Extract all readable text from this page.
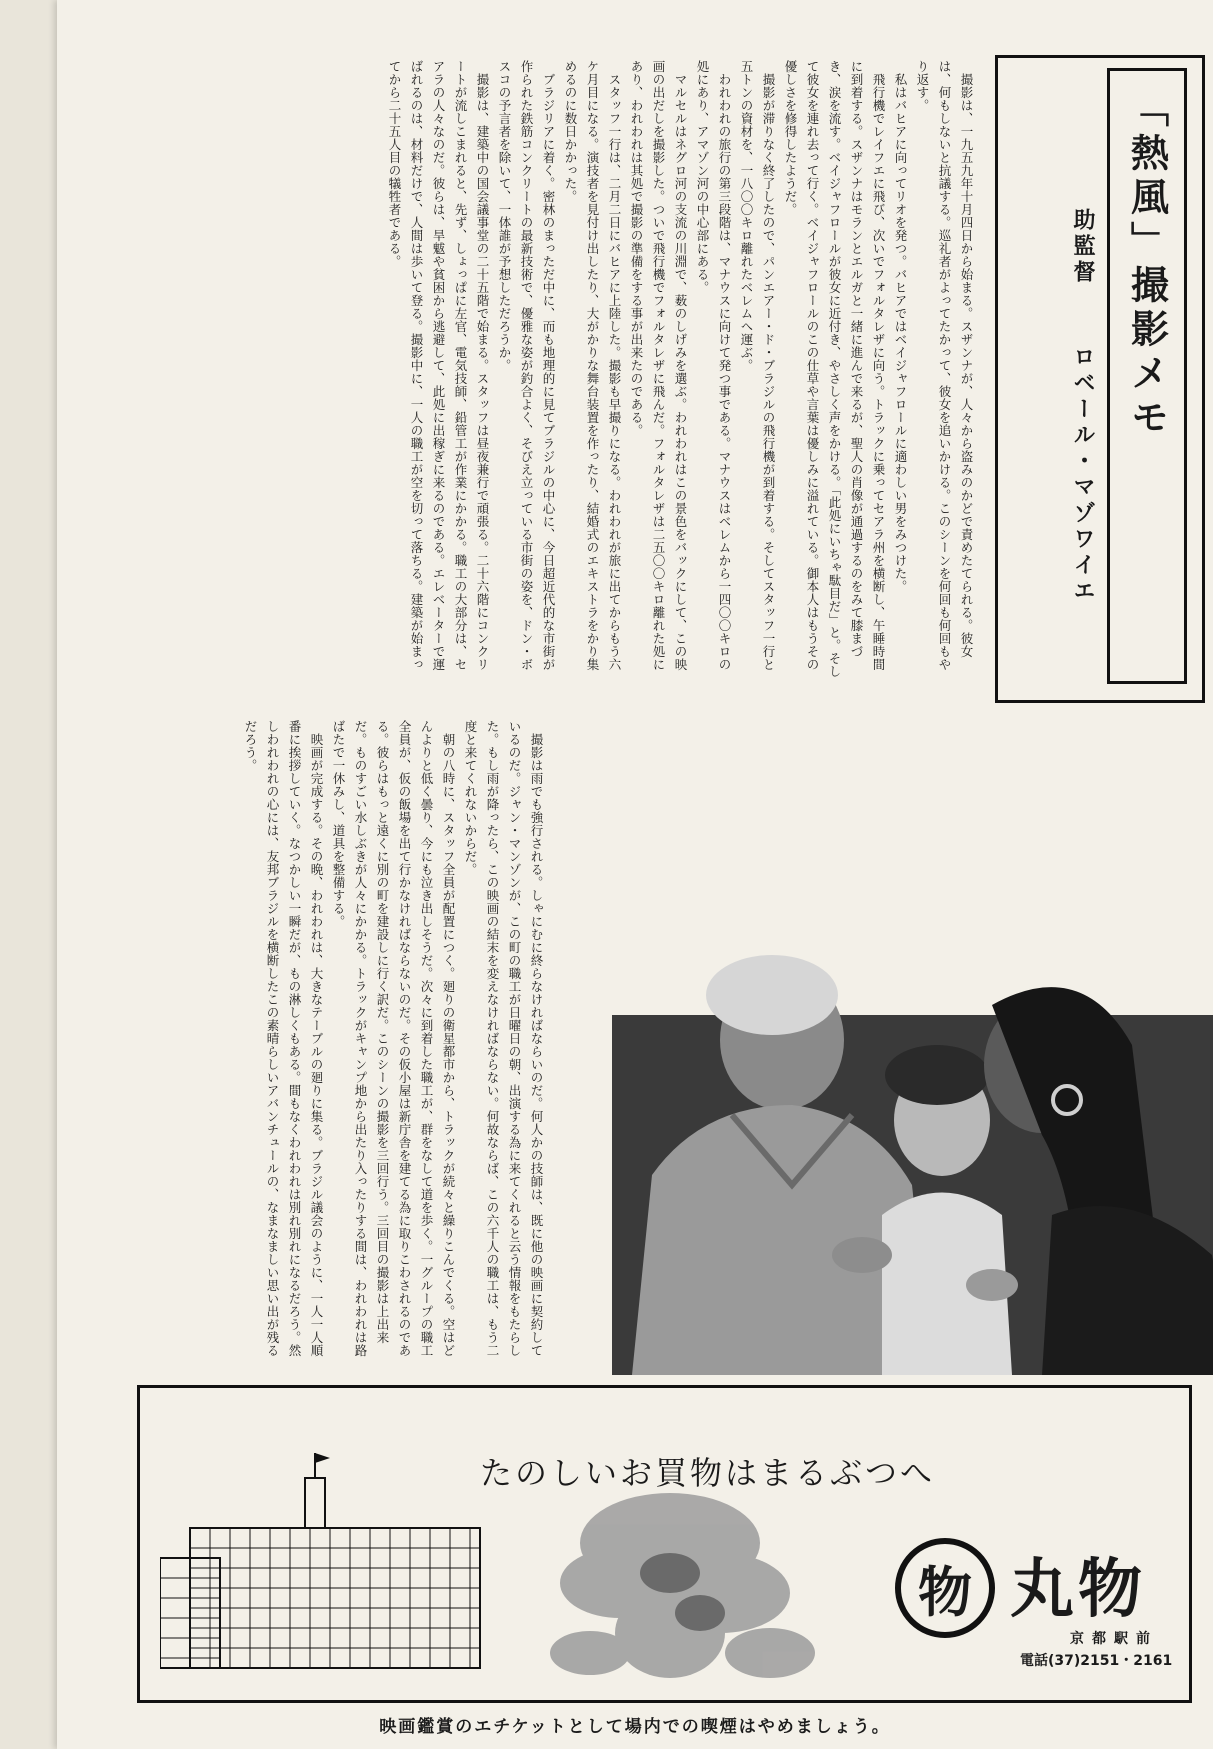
撮影は、一九五九年十月四日から始まる。スザンナが、人々から盗みのかどで責めたてられる。彼女は、何もしないと抗議する。巡礼者がよってたかって、彼女を追いかける。このシーンを何回も何回もやり返す。

私はバヒアに向ってリオを発つ。バヒアではベイジャフロールに適わしい男をみつけた。

飛行機でレイフエに飛び、次いでフォルタレザに向う。トラックに乗ってセアラ州を横断し、午睡時間に到着する。スザンナはモランとエルガと一緒に進んで来るが、聖人の肖像が通過するのをみて膝まづき、涙を流す。ベイジャフロールが彼女に近付き、やさしく声をかける。「此処にいちゃ駄目だ」と。そして彼女を連れ去って行く。ベイジャフロールのこの仕草や言葉は優しみに溢れている。御本人はもうその優しさを修得したようだ。

撮影が滞りなく終了したので、パンエアー・ド・ブラジルの飛行機が到着する。そしてスタッフ一行と五トンの資材を、一八〇〇キロ離れたベレムへ運ぶ。

われわれの旅行の第三段階は、マナウスに向けて発つ事である。マナウスはベレムから一四〇〇キロの処にあり、アマゾン河の中心部にある。

マルセルはネグロ河の支流の川淵で、薮のしげみを選ぶ。われわれはこの景色をバックにして、この映画の出だしを撮影した。ついで飛行機でフォルタレザに飛んだ。フォルタレザは二五〇〇キロ離れた処にあり、われわれは其処で撮影の準備をする事が出来たのである。

スタッフ一行は、二月二日にバヒアに上陸した。撮影も早撮りになる。われわれが旅に出てからもう六ケ月目になる。演技者を見付け出したり、大がかりな舞台装置を作ったり、結婚式のエキストラをかり集めるのに数日かかった。

ブラジリアに着く。密林のまっただ中に、而も地理的に見てブラジルの中心に、今日超近代的な市街が作られた鉄筋コンクリートの最新技術で、優雅な姿が釣合よく、そびえ立っている市街の姿を、ドン・ボスコの予言者を除いて、一体誰が予想しただろうか。

撮影は、建築中の国会議事堂の二十五階で始まる。スタッフは昼夜兼行で頑張る。二十六階にコンクリートが流しこまれると、先ず、しょっぱに左官、電気技師、鉛管工が作業にかかる。職工の大部分は、セアラの人々なのだ。彼らは、旱魃や貧困から逃避して、此処に出稼ぎに来るのである。エレベーターで運ばれるのは、材料だけで、人間は歩いて登る。撮影中に、一人の職工が空を切って落ちる。建築が始まってから二十五人目の犠牲者である。	「熱風」撮影メモ
助監督 ロベール・マゾワイエ

撮影は雨でも強行される。しゃにむに終らなければならいのだ。何人かの技師は、既に他の映画に契約しているのだ。ジャン・マンゾンが、この町の職工が日曜日の朝、出演する為に来てくれると云う情報をもたらした。もし雨が降ったら、この映画の結末を変えなければならない。何故ならば、この六千人の職工は、もう二度と来てくれないからだ。

朝の八時に、スタッフ全員が配置につく。廻りの衛星都市から、トラックが続々と繰りこんでくる。空はどんよりと低く曇り、今にも泣き出しそうだ。次々に到着した職工が、群をなして道を歩く。一グループの職工全員が、仮の飯場を出て行かなければならないのだ。その仮小屋は新庁舎を建てる為に取りこわされるのである。彼らはもっと遠くに別の町を建設しに行く訳だ。このシーンの撮影を三回行う。三回目の撮影は上出来だ。ものすごい水しぶきが人々にかかる。トラックがキャンプ地から出たり入ったりする間は、われわれは路ばたで一休みし、道具を整備する。

映画が完成する。その晩、われわれは、大きなテーブルの廻りに集る。ブラジル議会のように、一人一人順番に挨拶していく。なつかしい一瞬だが、もの淋しくもある。間もなくわれわれは別れ別れになるだろう。然しわれわれの心には、友邦ブラジルを横断したこの素晴らしいアバンチュールの、なまなましい思い出が残るだろう。

たのしいお買物はまるぶつへ
物 丸物
京都駅前
電話(37)2151・2161
映画鑑賞のエチケットとして場内での喫煙はやめましょう。
